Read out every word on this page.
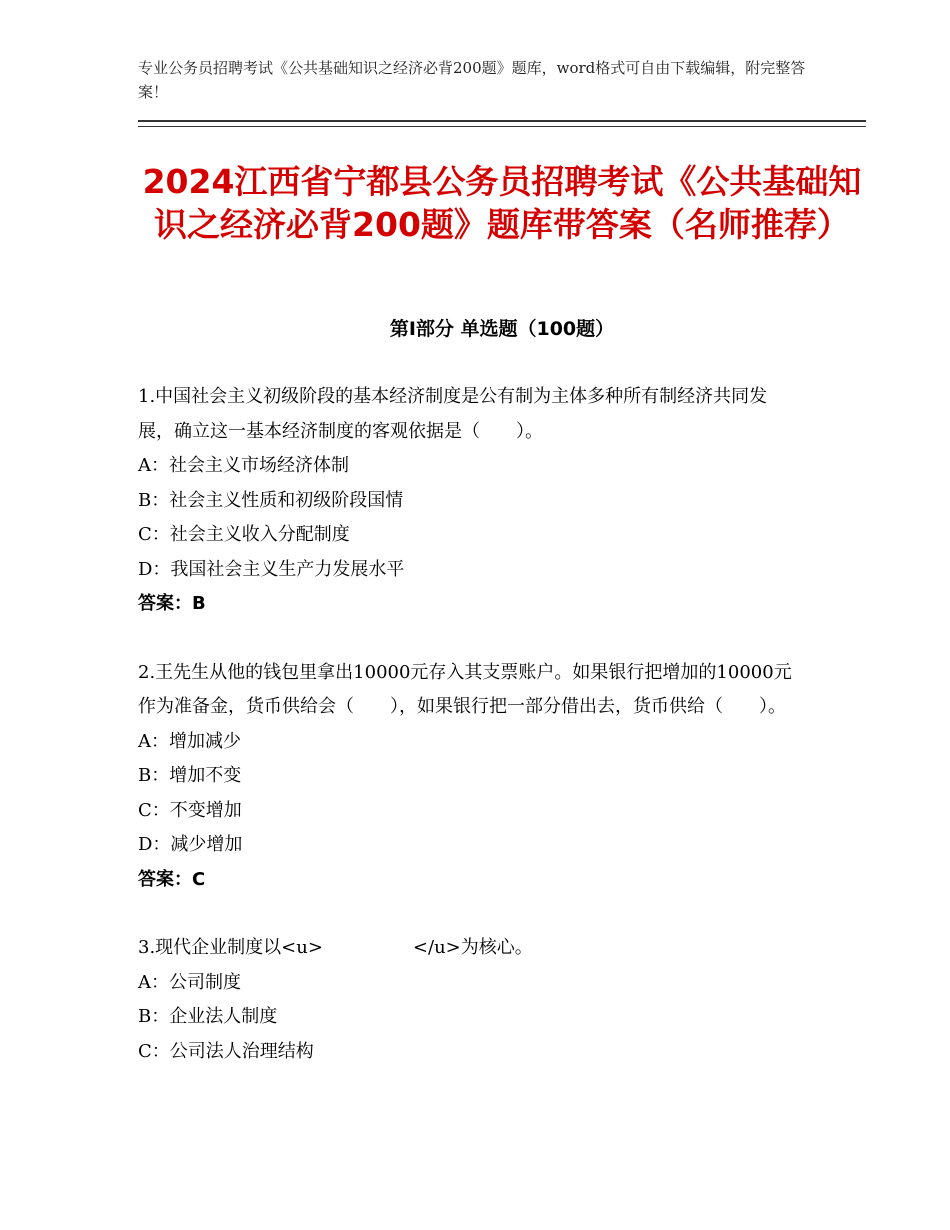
专业公务员招聘考试《公共基础知识之经济必背200题》题库，word格式可自由下载编辑，附完整答案！
2024江西省宁都县公务员招聘考试《公共基础知识之经济必背200题》题库带答案（名师推荐）
第Ⅰ部分 单选题（100题）
1.中国社会主义初级阶段的基本经济制度是公有制为主体多种所有制经济共同发展，确立这一基本经济制度的客观依据是（　　）。
A：社会主义市场经济体制
B：社会主义性质和初级阶段国情
C：社会主义收入分配制度
D：我国社会主义生产力发展水平
答案：B
2.王先生从他的钱包里拿出10000元存入其支票账户。如果银行把增加的10000元作为准备金，货币供给会（　　），如果银行把一部分借出去，货币供给（　　）。
A：增加减少
B：增加不变
C：不变增加
D：减少增加
答案：C
3.现代企业制度以<u>　　　　　</u>为核心。
A：公司制度
B：企业法人制度
C：公司法人治理结构
